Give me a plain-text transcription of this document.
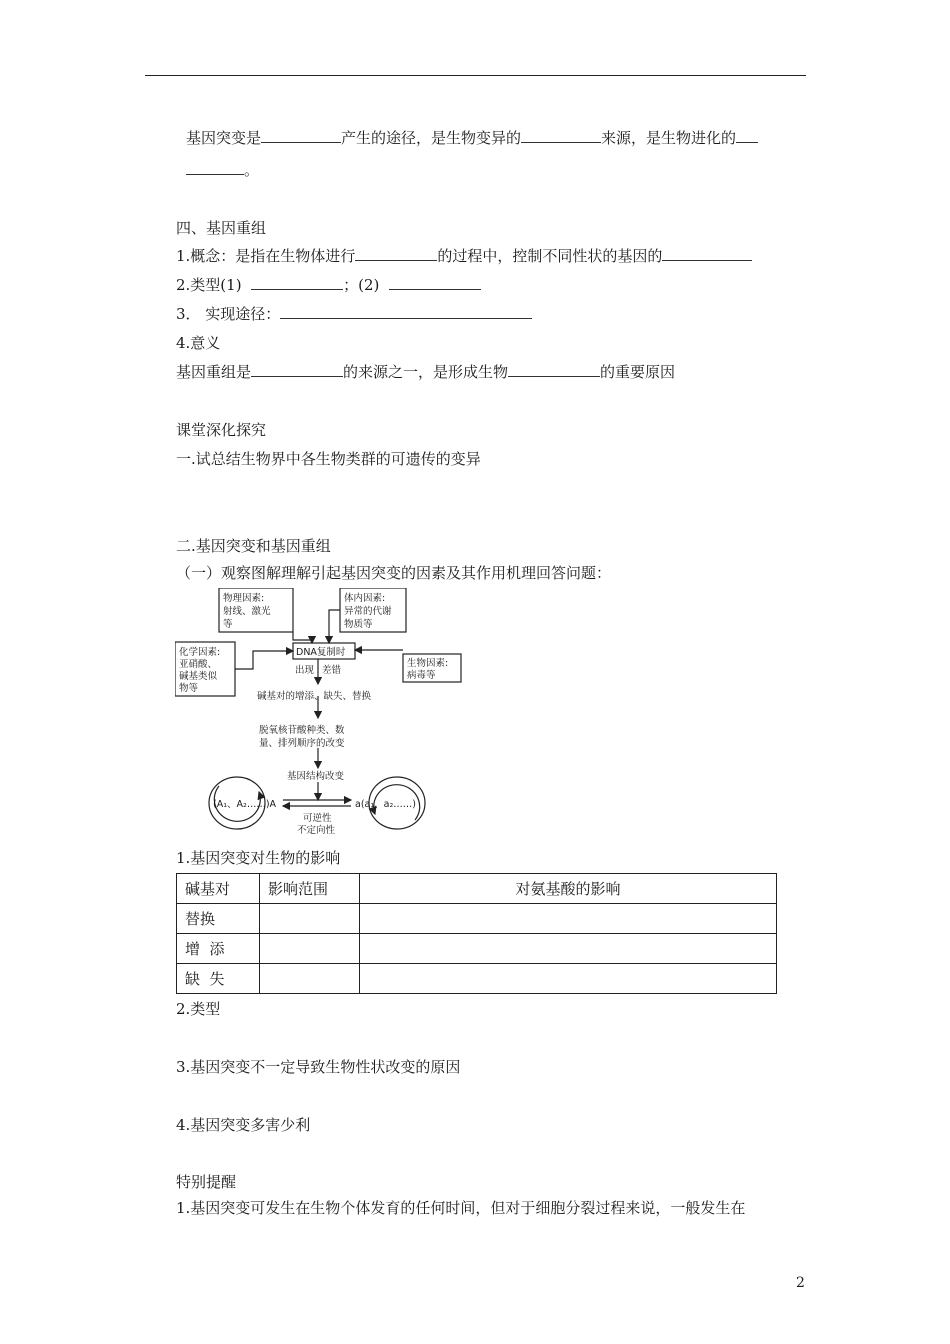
基因突变是	产生的途径，是生物变异的	来源，是生物进化的
。
四、基因重组
1.概念：是指在生物体进行	的过程中，控制不同性状的基因的
2.类型(1)	；(2)
3． 实现途径：
4.意义
基因重组是	的来源之一，是形成生物	的重要原因
课堂深化探究
一.试总结生物界中各生物类群的可遗传的变异
二.基因突变和基因重组
（一）观察图解理解引起基因突变的因素及其作用机理回答问题：
物理因素:
射线、激光
等
体内因素:
异常的代谢
物质等
化学因素:
亚硝酸、
碱基类似
物等
生物因素:
病毒等
DNA复制时
出现 差错
碱基对的增添、缺失、替换
脱氧核苷酸种类、数
量、排列顺序的改变
基因结构改变
(A₁、A₂……)A	a(a₁、a₂……)
可逆性
不定向性
1.基因突变对生物的影响
碱基对	影响范围	对氨基酸的影响
替换		
增  添		
缺  失		
2.类型
3.基因突变不一定导致生物性状改变的原因
4.基因突变多害少利
特别提醒
1.基因突变可发生在生物个体发育的任何时间，但对于细胞分裂过程来说，一般发生在
2
